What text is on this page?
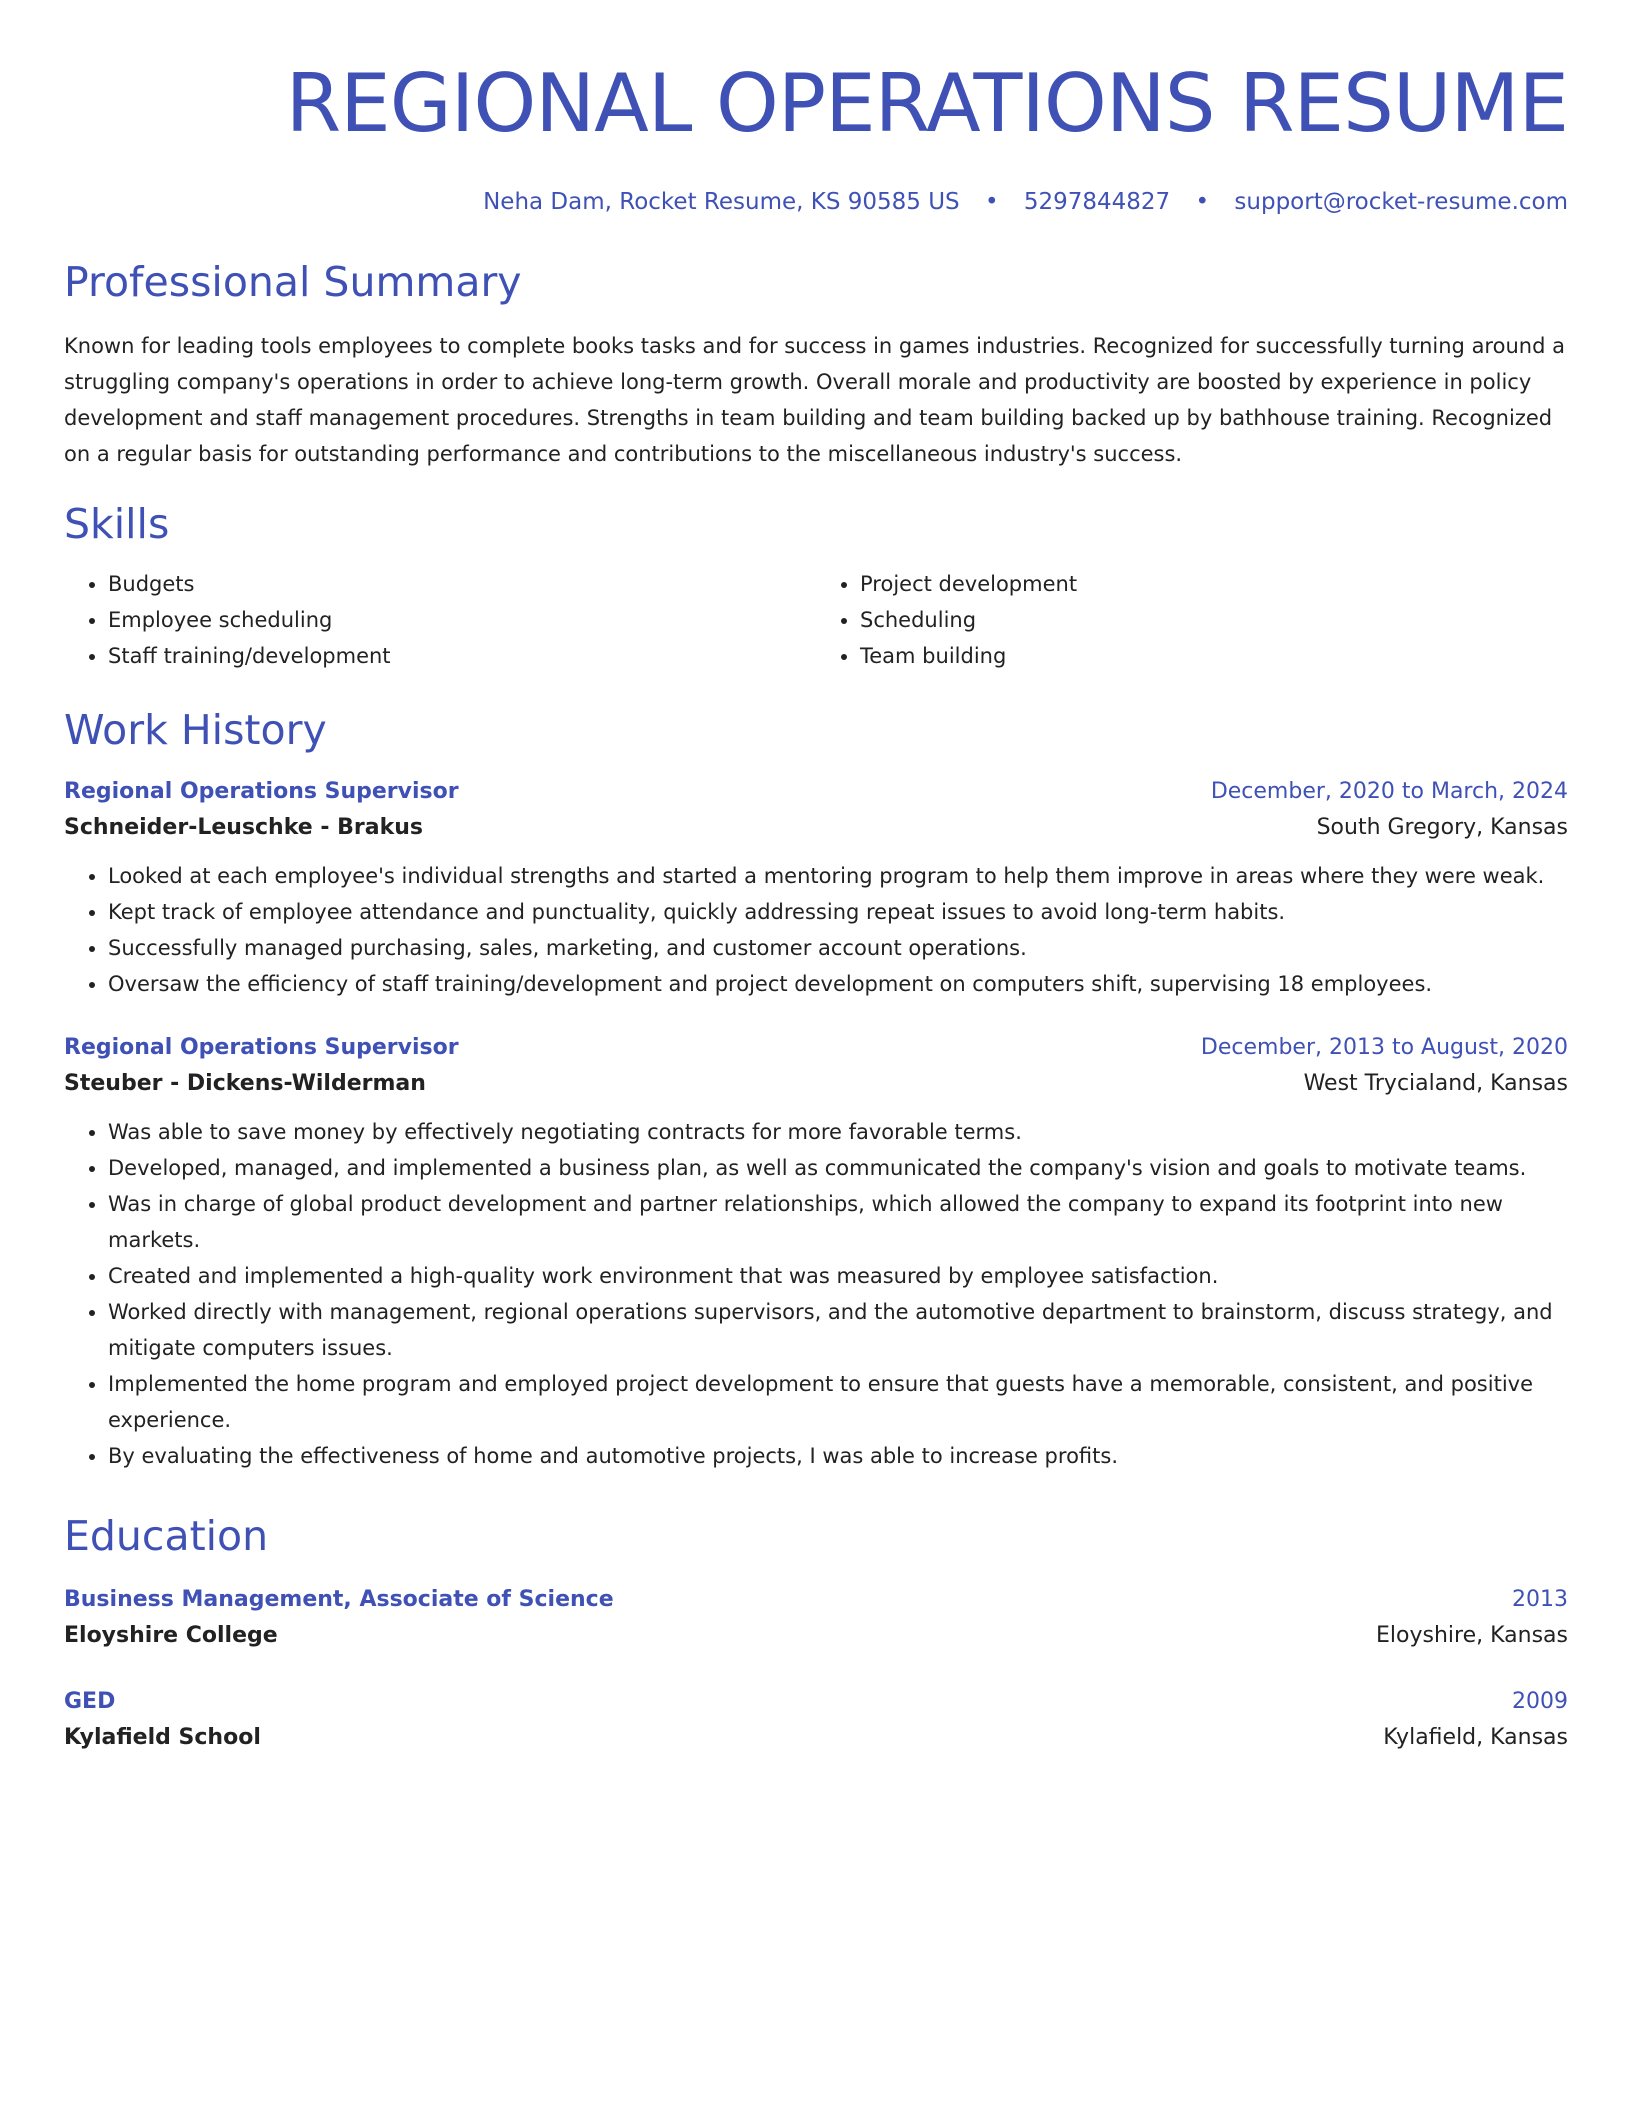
REGIONAL OPERATIONS RESUME
Neha Dam, Rocket Resume, KS 90585 US • 5297844827 • support@rocket-resume.com
Professional Summary

Known for leading tools employees to complete books tasks and for success in games industries. Recognized for successfully turning around a struggling company's operations in order to achieve long-term growth. Overall morale and productivity are boosted by experience in policy development and staff management procedures. Strengths in team building and team building backed up by bathhouse training. Recognized on a regular basis for outstanding performance and contributions to the miscellaneous industry's success.

Skills
• Budgets
• Employee scheduling
• Staff training/development
• Project development
• Scheduling
• Team building
Work History
Regional Operations Supervisor	December, 2020 to March, 2024
Schneider-Leuschke - Brakus	South Gregory, Kansas
• Looked at each employee's individual strengths and started a mentoring program to help them improve in areas where they were weak.
• Kept track of employee attendance and punctuality, quickly addressing repeat issues to avoid long-term habits.
• Successfully managed purchasing, sales, marketing, and customer account operations.
• Oversaw the efficiency of staff training/development and project development on computers shift, supervising 18 employees.
Regional Operations Supervisor	December, 2013 to August, 2020
Steuber - Dickens-Wilderman	West Trycialand, Kansas
• Was able to save money by effectively negotiating contracts for more favorable terms.
• Developed, managed, and implemented a business plan, as well as communicated the company's vision and goals to motivate teams.
• Was in charge of global product development and partner relationships, which allowed the company to expand its footprint into new markets.
• Created and implemented a high-quality work environment that was measured by employee satisfaction.
• Worked directly with management, regional operations supervisors, and the automotive department to brainstorm, discuss strategy, and mitigate computers issues.
• Implemented the home program and employed project development to ensure that guests have a memorable, consistent, and positive experience.
• By evaluating the effectiveness of home and automotive projects, I was able to increase profits.
Education
Business Management, Associate of Science	2013
Eloyshire College	Eloyshire, Kansas
GED	2009
Kylafield School	Kylafield, Kansas
